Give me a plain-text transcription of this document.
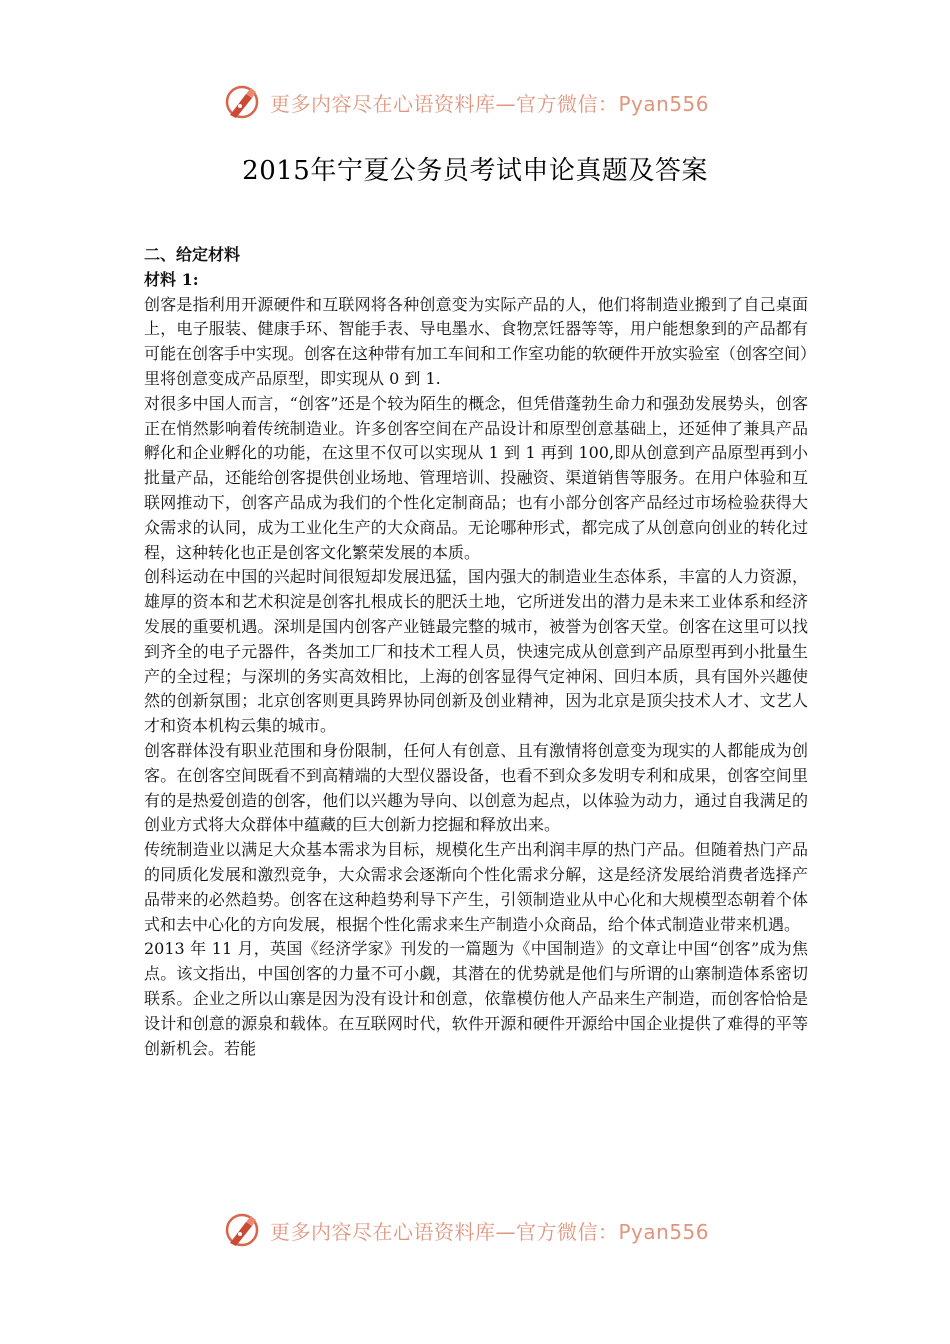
更多内容尽在心语资料库—官方微信：Pyan556
2015年宁夏公务员考试申论真题及答案
二、给定材料
材料 1:

创客是指利用开源硬件和互联网将各种创意变为实际产品的人，他们将制造业搬到了自己桌面上，电子服装、健康手环、智能手表、导电墨水、食物烹饪器等等，用户能想象到的产品都有可能在创客手中实现。创客在这种带有加工车间和工作室功能的软硬件开放实验室（创客空间）里将创意变成产品原型，即实现从 0 到 1.

对很多中国人而言，“创客”还是个较为陌生的概念，但凭借蓬勃生命力和强劲发展势头，创客正在悄然影响着传统制造业。许多创客空间在产品设计和原型创意基础上，还延伸了兼具产品孵化和企业孵化的功能，在这里不仅可以实现从 1 到 1 再到 100,即从创意到产品原型再到小批量产品，还能给创客提供创业场地、管理培训、投融资、渠道销售等服务。在用户体验和互联网推动下，创客产品成为我们的个性化定制商品；也有小部分创客产品经过市场检验获得大众需求的认同，成为工业化生产的大众商品。无论哪种形式，都完成了从创意向创业的转化过程，这种转化也正是创客文化繁荣发展的本质。

创科运动在中国的兴起时间很短却发展迅猛，国内强大的制造业生态体系，丰富的人力资源，雄厚的资本和艺术积淀是创客扎根成长的肥沃土地，它所迸发出的潜力是未来工业体系和经济发展的重要机遇。深圳是国内创客产业链最完整的城市，被誉为创客天堂。创客在这里可以找到齐全的电子元器件，各类加工厂和技术工程人员，快速完成从创意到产品原型再到小批量生产的全过程；与深圳的务实高效相比，上海的创客显得气定神闲、回归本质，具有国外兴趣使然的创新氛围；北京创客则更具跨界协同创新及创业精神，因为北京是顶尖技术人才、文艺人才和资本机构云集的城市。

创客群体没有职业范围和身份限制，任何人有创意、且有激情将创意变为现实的人都能成为创客。在创客空间既看不到高精端的大型仪器设备，也看不到众多发明专利和成果，创客空间里有的是热爱创造的创客，他们以兴趣为导向、以创意为起点，以体验为动力，通过自我满足的创业方式将大众群体中蕴藏的巨大创新力挖掘和释放出来。

传统制造业以满足大众基本需求为目标，规模化生产出利润丰厚的热门产品。但随着热门产品的同质化发展和激烈竞争，大众需求会逐渐向个性化需求分解，这是经济发展给消费者选择产品带来的必然趋势。创客在这种趋势利导下产生，引领制造业从中心化和大规模型态朝着个体式和去中心化的方向发展，根据个性化需求来生产制造小众商品，给个体式制造业带来机遇。

2013 年 11 月，英国《经济学家》刊发的一篇题为《中国制造》的文章让中国“创客”成为焦点。该文指出，中国创客的力量不可小觑，其潜在的优势就是他们与所谓的山寨制造体系密切联系。企业之所以山寨是因为没有设计和创意，依靠模仿他人产品来生产制造，而创客恰恰是设计和创意的源泉和载体。在互联网时代，软件开源和硬件开源给中国企业提供了难得的平等创新机会。若能

更多内容尽在心语资料库—官方微信：Pyan556
